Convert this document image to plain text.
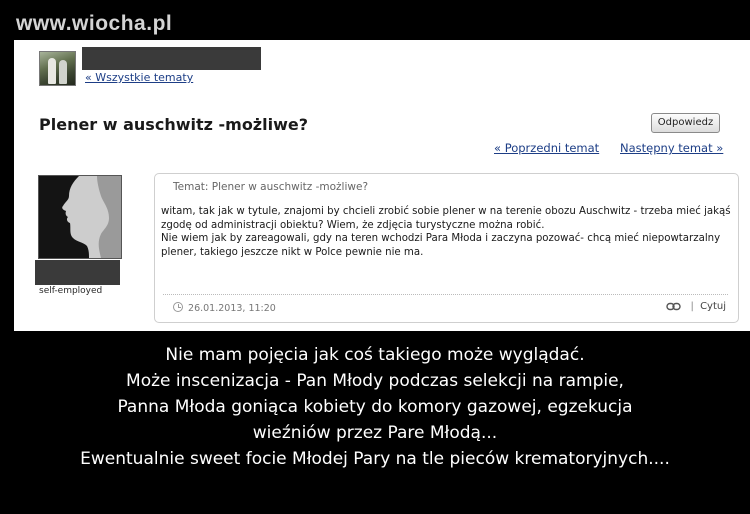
www.wiocha.pl
« Wszystkie tematy
Plener w auschwitz -możliwe?	Odpowiedz
« Poprzedni temat Następny temat »
self-employed
Temat: Plener w auschwitz -możliwe?

witam, tak jak w tytule, znajomi by chcieli zrobić sobie plener w na terenie obozu Auschwitz - trzeba mieć jakąś zgodę od administracji obiektu? Wiem, że zdjęcia turystyczne można robić.

Nie wiem jak by zareagowali, gdy na teren wchodzi Para Młoda i zaczyna pozować- chcą mieć niepowtarzalny plener, takiego jeszcze nikt w Polce pewnie nie ma.

26.01.2013, 11:20	| Cytuj
Nie mam pojęcia jak coś takiego może wyglądać.
Może inscenizacja - Pan Młody podczas selekcji na rampie,
Panna Młoda goniąca kobiety do komory gazowej, egzekucja
wieźniów przez Pare Młodą...
Ewentualnie sweet focie Młodej Pary na tle pieców krematoryjnych....
